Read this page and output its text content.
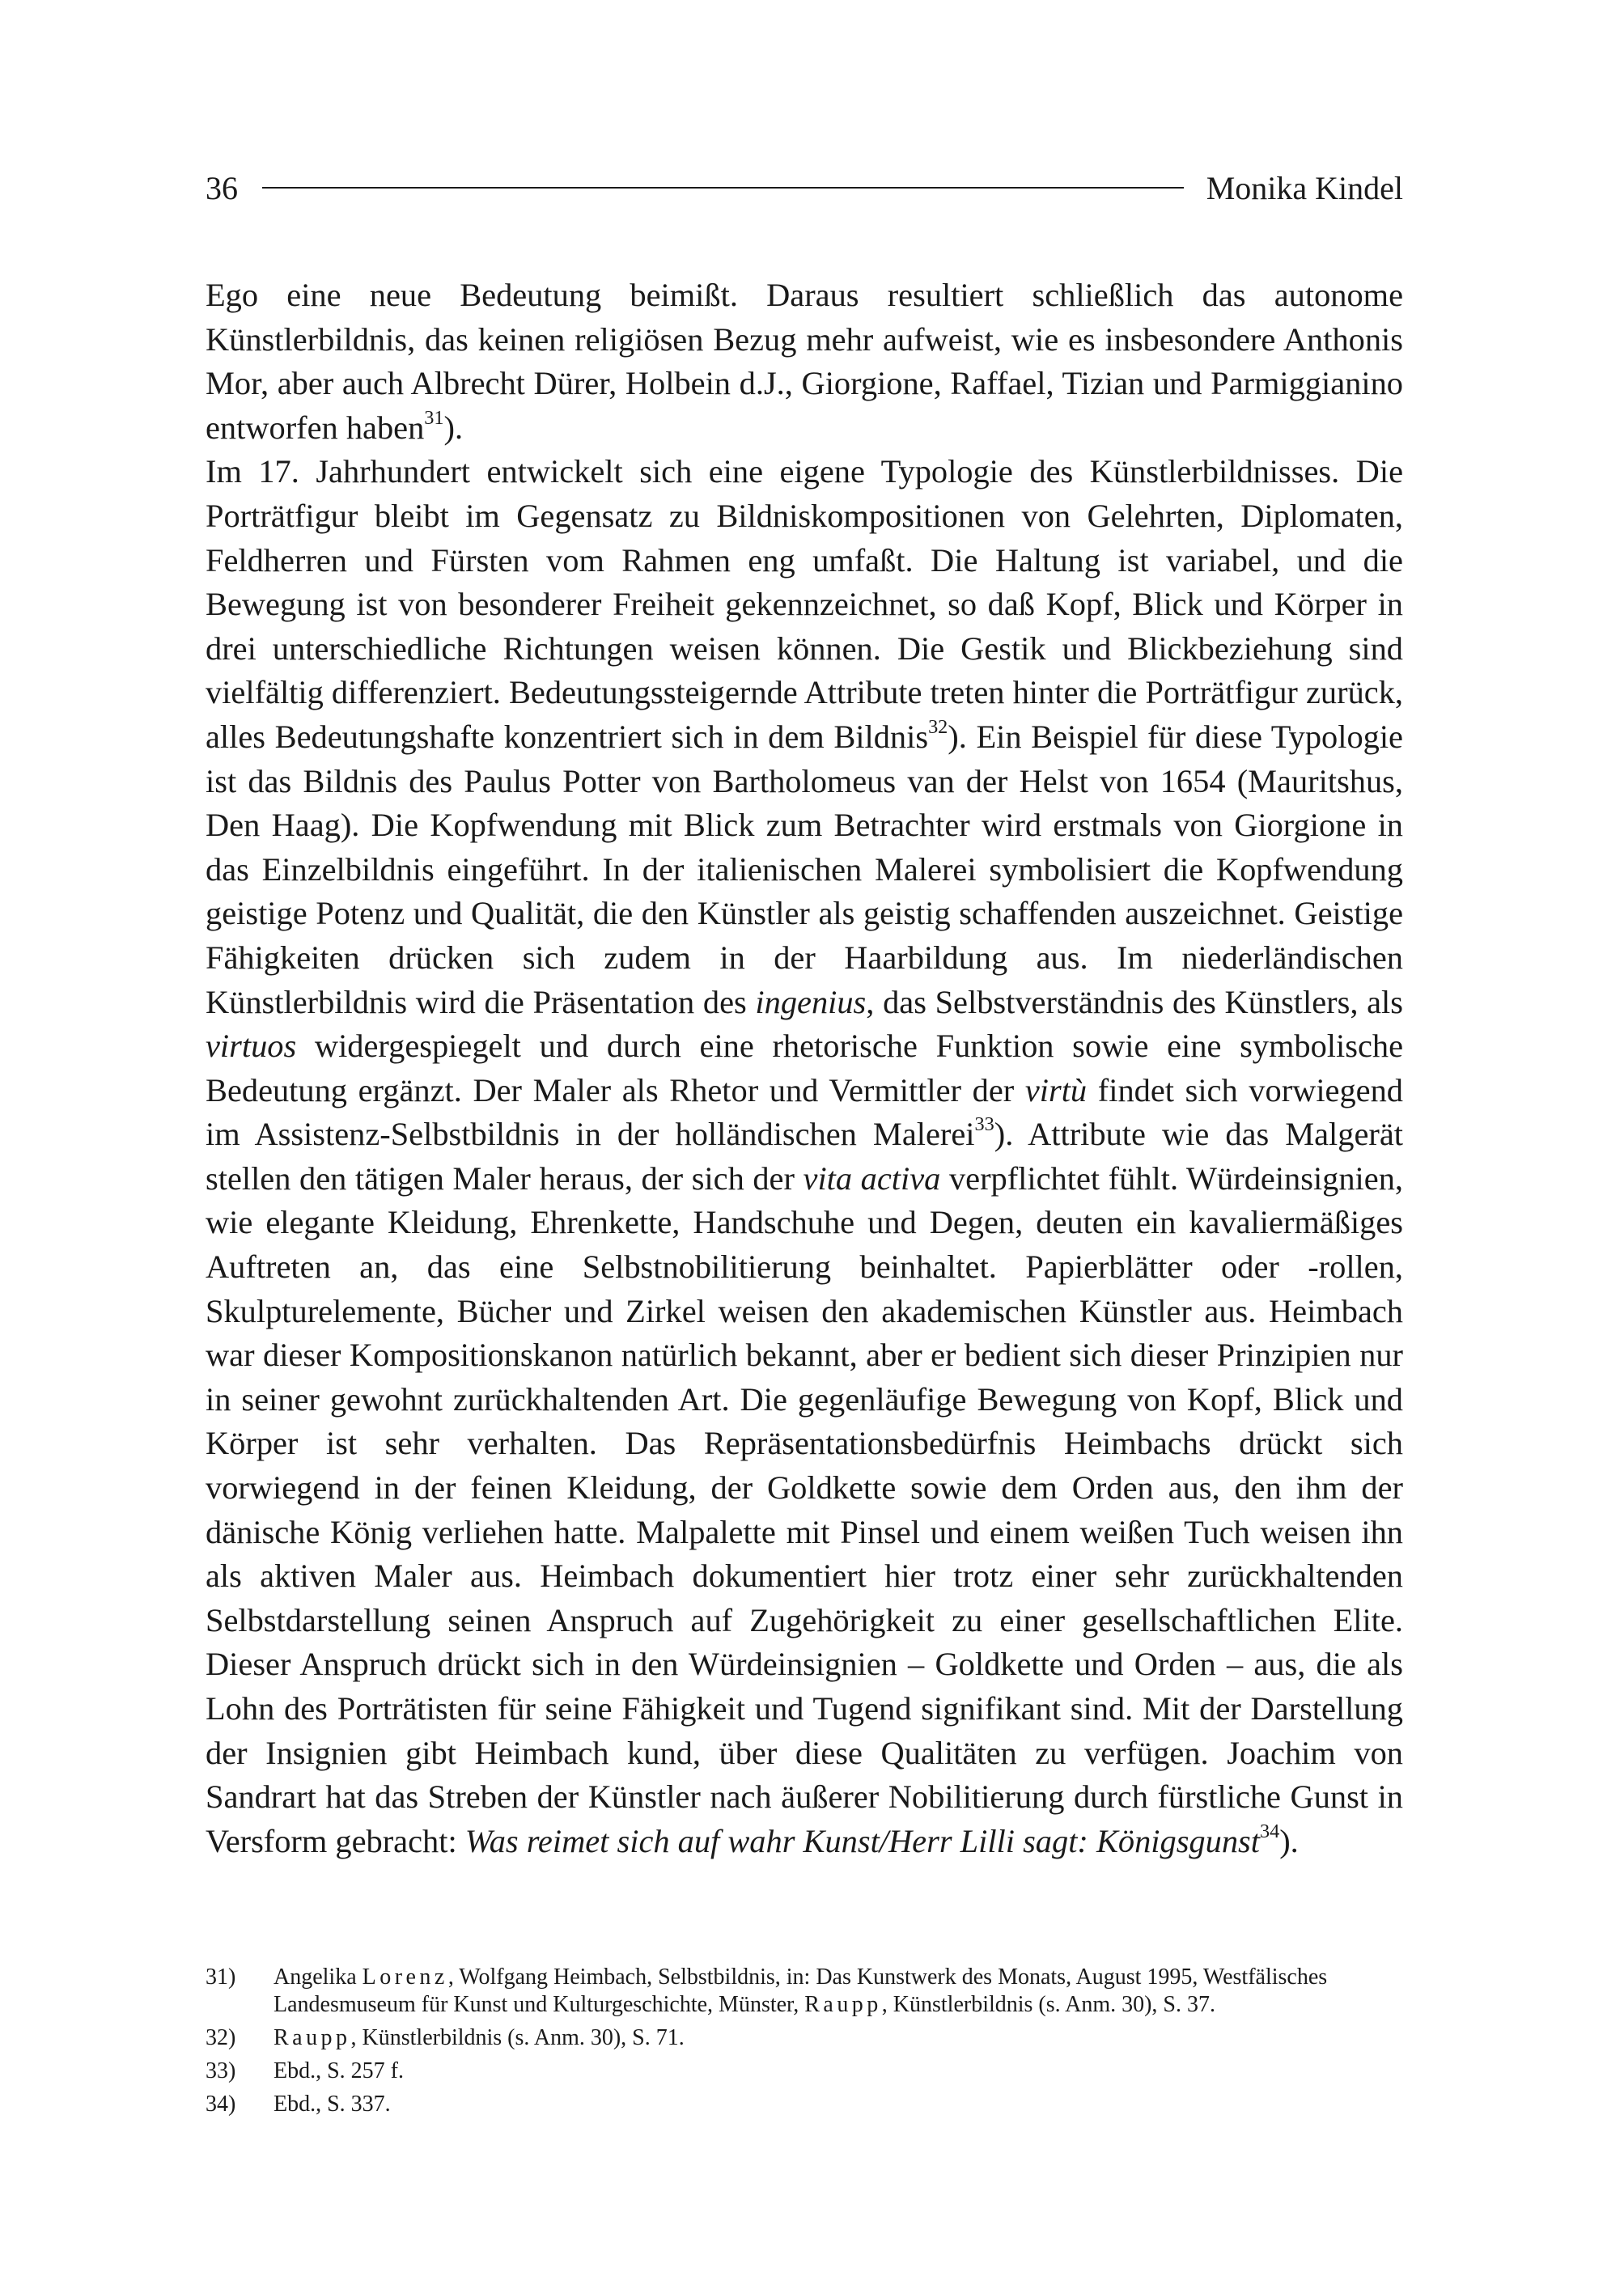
36	Monika Kindel

Ego eine neue Bedeutung beimißt. Daraus resultiert schließlich das autonome Künstlerbildnis, das keinen religiösen Bezug mehr aufweist, wie es insbesondere Anthonis Mor, aber auch Albrecht Dürer, Holbein d.J., Giorgione, Raffael, Tizian und Parmiggianino entworfen haben$^{31}$).

Im 17. Jahrhundert entwickelt sich eine eigene Typologie des Künstlerbildnisses. Die Porträtfigur bleibt im Gegensatz zu Bildniskompositionen von Gelehrten, Diplomaten, Feldherren und Fürsten vom Rahmen eng umfaßt. Die Haltung ist variabel, und die Bewegung ist von besonderer Freiheit gekennzeichnet, so daß Kopf, Blick und Körper in drei unterschiedliche Richtungen weisen können. Die Gestik und Blickbeziehung sind vielfältig differenziert. Bedeutungssteigernde Attribute treten hinter die Porträtfigur zurück, alles Bedeutungshafte konzentriert sich in dem Bildnis$^{32}$). Ein Beispiel für diese Typologie ist das Bildnis des Paulus Potter von Bartholomeus van der Helst von 1654 (Mauritshus, Den Haag). Die Kopfwendung mit Blick zum Betrachter wird erstmals von Giorgione in das Einzelbildnis eingeführt. In der italienischen Malerei symbolisiert die Kopfwendung geistige Potenz und Qualität, die den Künstler als geistig schaffenden auszeichnet. Geistige Fähigkeiten drücken sich zudem in der Haarbildung aus. Im niederländischen Künstlerbildnis wird die Präsentation des ingenius, das Selbstverständnis des Künstlers, als virtuos widergespiegelt und durch eine rhetorische Funktion sowie eine symbolische Bedeutung ergänzt. Der Maler als Rhetor und Vermittler der virtù findet sich vorwiegend im Assistenz-Selbstbildnis in der holländischen Malerei$^{33}$). Attribute wie das Malgerät stellen den tätigen Maler heraus, der sich der vita activa verpflichtet fühlt. Würdeinsignien, wie elegante Kleidung, Ehrenkette, Handschuhe und Degen, deuten ein kavaliermäßiges Auftreten an, das eine Selbstnobilitierung beinhaltet. Papierblätter oder -rollen, Skulpturelemente, Bücher und Zirkel weisen den akademischen Künstler aus. Heimbach war dieser Kompositionskanon natürlich bekannt, aber er bedient sich dieser Prinzipien nur in seiner gewohnt zurückhaltenden Art. Die gegenläufige Bewegung von Kopf, Blick und Körper ist sehr verhalten. Das Repräsentationsbedürfnis Heimbachs drückt sich vorwiegend in der feinen Kleidung, der Goldkette sowie dem Orden aus, den ihm der dänische König verliehen hatte. Malpalette mit Pinsel und einem weißen Tuch weisen ihn als aktiven Maler aus. Heimbach dokumentiert hier trotz einer sehr zurückhaltenden Selbstdarstellung seinen Anspruch auf Zugehörigkeit zu einer gesellschaftlichen Elite. Dieser Anspruch drückt sich in den Würdeinsignien – Goldkette und Orden – aus, die als Lohn des Porträtisten für seine Fähigkeit und Tugend signifikant sind. Mit der Darstellung der Insignien gibt Heimbach kund, über diese Qualitäten zu verfügen. Joachim von Sandrart hat das Streben der Künstler nach äußerer Nobilitierung durch fürstliche Gunst in Versform gebracht: Was reimet sich auf wahr Kunst/Herr Lilli sagt: Königsgunst$^{34}$).

31)	Angelika Lorenz, Wolfgang Heimbach, Selbstbildnis, in: Das Kunstwerk des Monats, August 1995, Westfälisches Landesmuseum für Kunst und Kulturgeschichte, Münster, Raupp, Künstlerbildnis (s. Anm. 30), S. 37.
32)	Raupp, Künstlerbildnis (s. Anm. 30), S. 71.
33)	Ebd., S. 257 f.
34)	Ebd., S. 337.
